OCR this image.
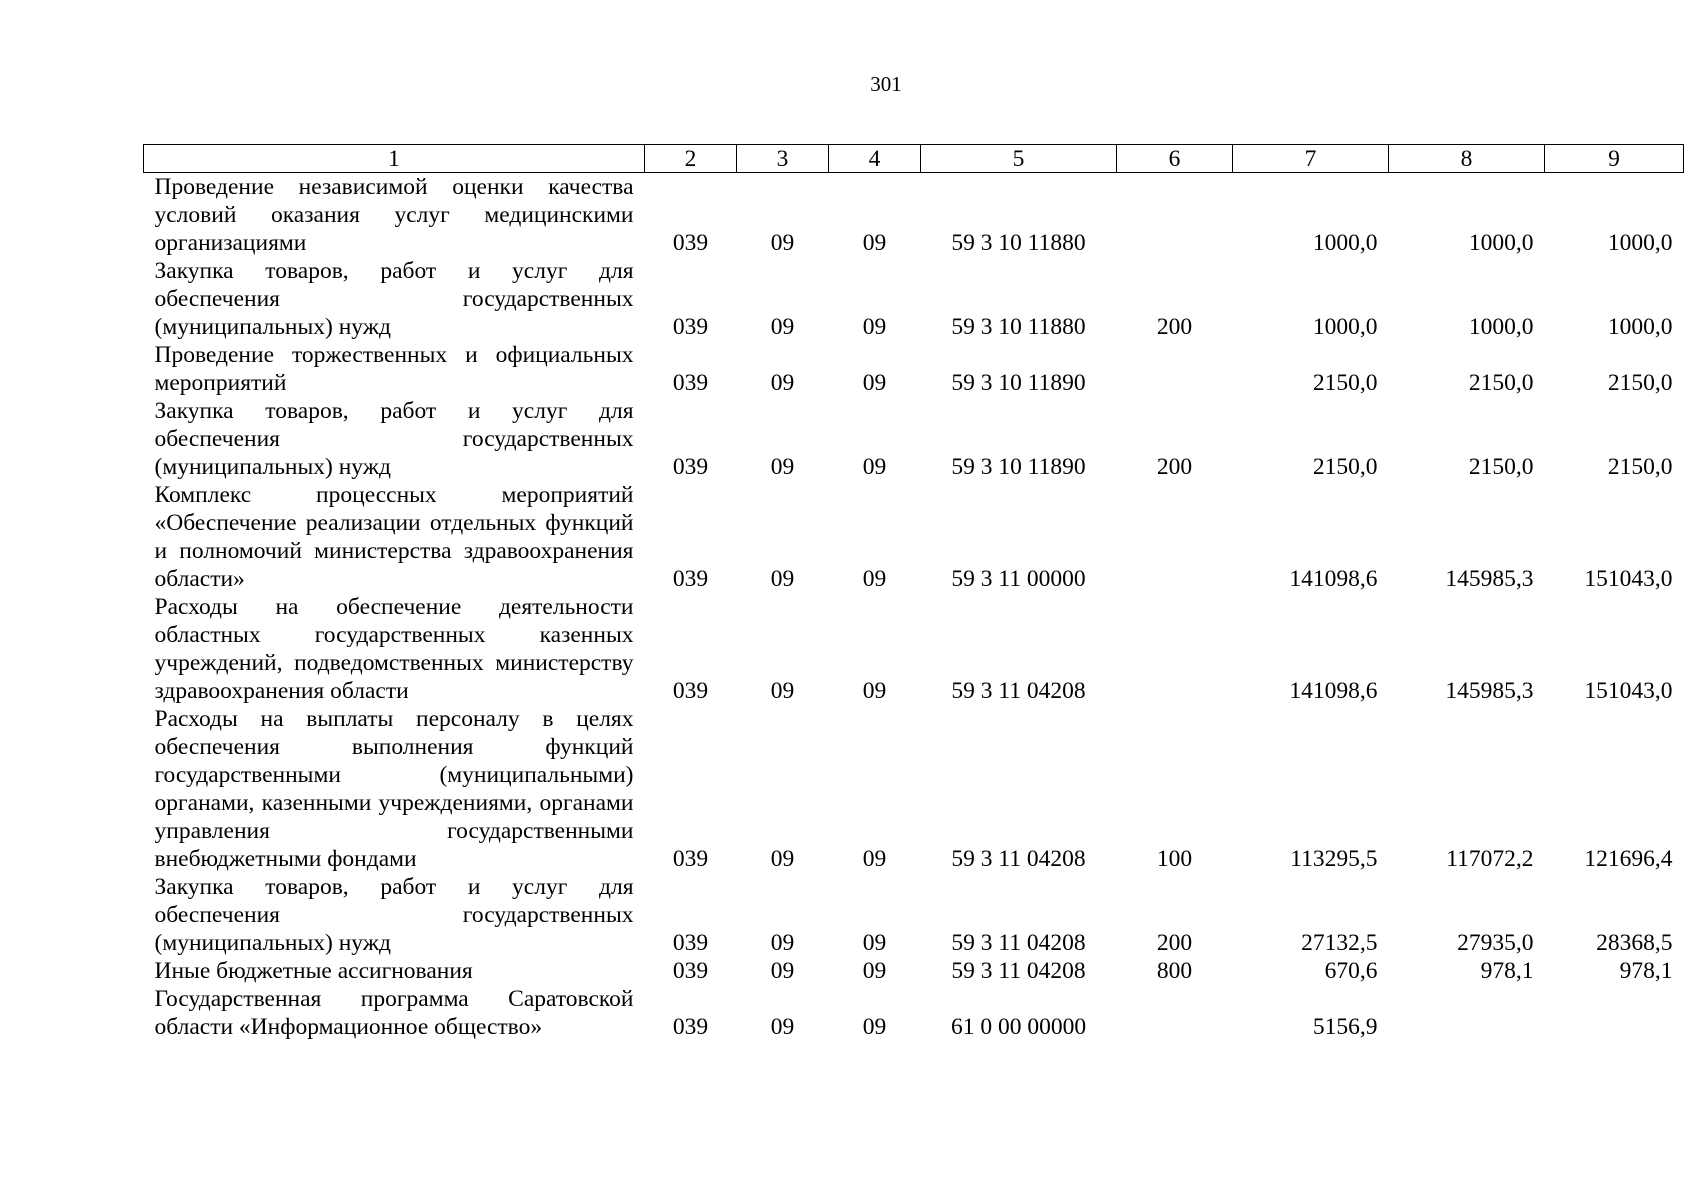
301
1	2	3	4	5	6	7	8	9
Проведение независимой оценки качества условий оказания услуг медицинскими организациями	039	09	09	59 3 10 11880		1000,0	1000,0	1000,0
Закупка товаров, работ и услуг для обеспечения государственных (муниципальных) нужд	039	09	09	59 3 10 11880	200	1000,0	1000,0	1000,0
Проведение торжественных и официальных мероприятий	039	09	09	59 3 10 11890		2150,0	2150,0	2150,0
Закупка товаров, работ и услуг для обеспечения государственных (муниципальных) нужд	039	09	09	59 3 10 11890	200	2150,0	2150,0	2150,0
Комплекс процессных мероприятий «Обеспечение реализации отдельных функций и полномочий министерства здравоохранения области»	039	09	09	59 3 11 00000		141098,6	145985,3	151043,0
Расходы на обеспечение деятельности областных государственных казенных учреждений, подведомственных министерству здравоохранения области	039	09	09	59 3 11 04208		141098,6	145985,3	151043,0
Расходы на выплаты персоналу в целях обеспечения выполнения функций государственными (муниципальными) органами, казенными учреждениями, органами управления государственными внебюджетными фондами	039	09	09	59 3 11 04208	100	113295,5	117072,2	121696,4
Закупка товаров, работ и услуг для обеспечения государственных (муниципальных) нужд	039	09	09	59 3 11 04208	200	27132,5	27935,0	28368,5
Иные бюджетные ассигнования	039	09	09	59 3 11 04208	800	670,6	978,1	978,1
Государственная программа Саратовской области «Информационное общество»	039	09	09	61 0 00 00000		5156,9		
